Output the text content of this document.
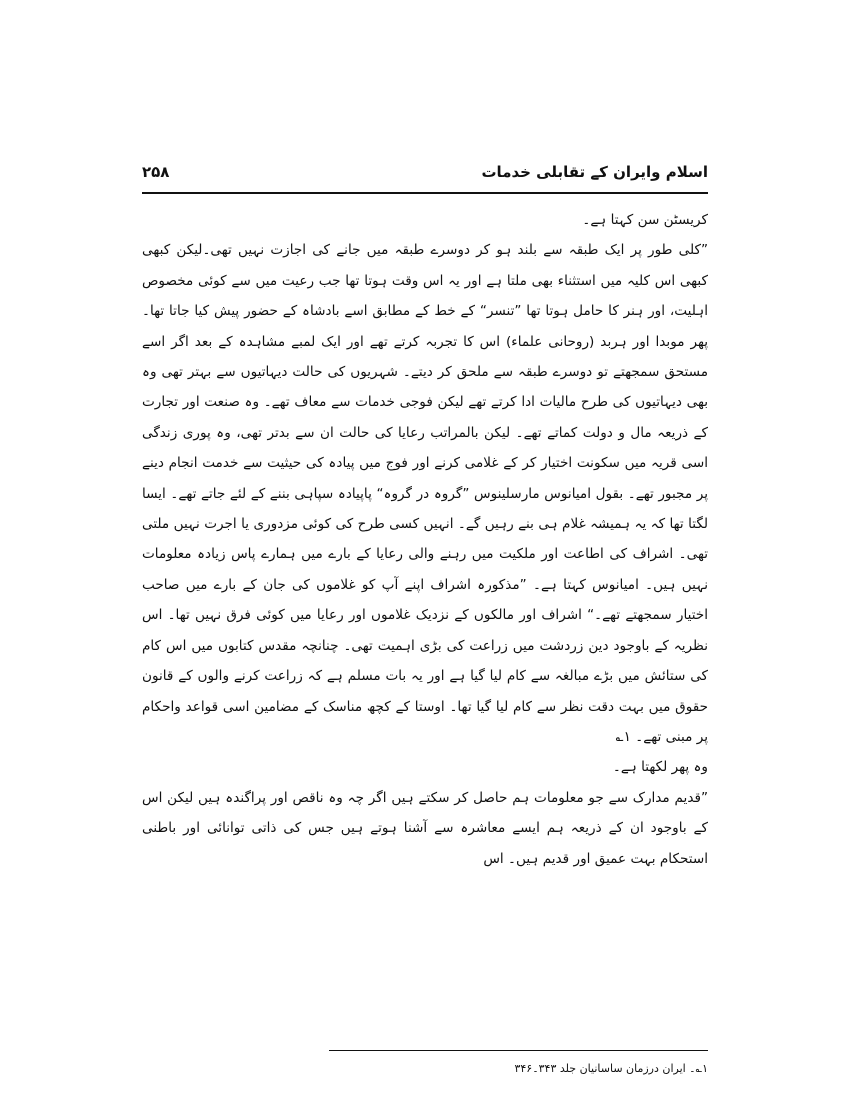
اسلام وایران کے تقابلی خدمات
۲۵۸

کریسٹن سن کہتا ہے۔

”کلی طور پر ایک طبقہ سے بلند ہو کر دوسرے طبقہ میں جانے کی اجازت نہیں تھی۔لیکن کبھی کبھی اس کلیہ میں استثناء بھی ملتا ہے اور یہ اس وقت ہوتا تھا جب رعیت میں سے کوئی مخصوص اہلیت، اور ہنر کا حامل ہوتا تھا ”تنسر“ کے خط کے مطابق اسے بادشاہ کے حضور پیش کیا جاتا تھا۔ پھر موبدا اور ہربد (روحانی علماء) اس کا تجربہ کرتے تھے اور ایک لمبے مشاہدہ کے بعد اگر اسے مستحق سمجھتے تو دوسرے طبقہ سے ملحق کر دیتے۔ شہریوں کی حالت دیہاتیوں سے بہتر تھی وہ بھی دیہاتیوں کی طرح مالیات ادا کرتے تھے لیکن فوجی خدمات سے معاف تھے۔ وہ صنعت اور تجارت کے ذریعہ مال و دولت کماتے تھے۔ لیکن بالمراتب رعایا کی حالت ان سے بدتر تھی، وہ پوری زندگی اسی قریہ میں سکونت اختیار کر کے غلامی کرنے اور فوج میں پیادہ کی حیثیت سے خدمت انجام دینے پر مجبور تھے۔ بقول امیانوس مارسلینوس ”گروہ در گروہ“ پاپیادہ سپاہی بننے کے لئے جاتے تھے۔ ایسا لگتا تھا کہ یہ ہمیشہ غلام ہی بنے رہیں گے۔ انہیں کسی طرح کی کوئی مزدوری یا اجرت نہیں ملتی تھی۔ اشراف کی اطاعت اور ملکیت میں رہنے والی رعایا کے بارے میں ہمارے پاس زیادہ معلومات نہیں ہیں۔ امیانوس کہتا ہے۔ ”مذکورہ اشراف اپنے آپ کو غلاموں کی جان کے بارے میں صاحب اختیار سمجھتے تھے۔“ اشراف اور مالکوں کے نزدیک غلاموں اور رعایا میں کوئی فرق نہیں تھا۔ اس نظریہ کے باوجود دین زردشت میں زراعت کی بڑی اہمیت تھی۔ چنانچہ مقدس کتابوں میں اس کام کی ستائش میں بڑے مبالغہ سے کام لیا گیا ہے اور یہ بات مسلم ہے کہ زراعت کرنے والوں کے قانون حقوق میں بہت دقت نظر سے کام لیا گیا تھا۔ اوستا کے کچھ مناسک کے مضامین اسی قواعد واحکام پر مبنی تھے۔ ۱؎

وہ پھر لکھتا ہے۔

”قدیم مدارک سے جو معلومات ہم حاصل کر سکتے ہیں اگر چہ وہ ناقص اور پراگندہ ہیں لیکن اس کے باوجود ان کے ذریعہ ہم ایسے معاشرہ سے آشنا ہوتے ہیں جس کی ذاتی توانائی اور باطنی استحکام بہت عمیق اور قدیم ہیں۔ اس

۱؎۔ ایران درزمان ساسانیان جلد ۳۴۳۔۳۴۶
